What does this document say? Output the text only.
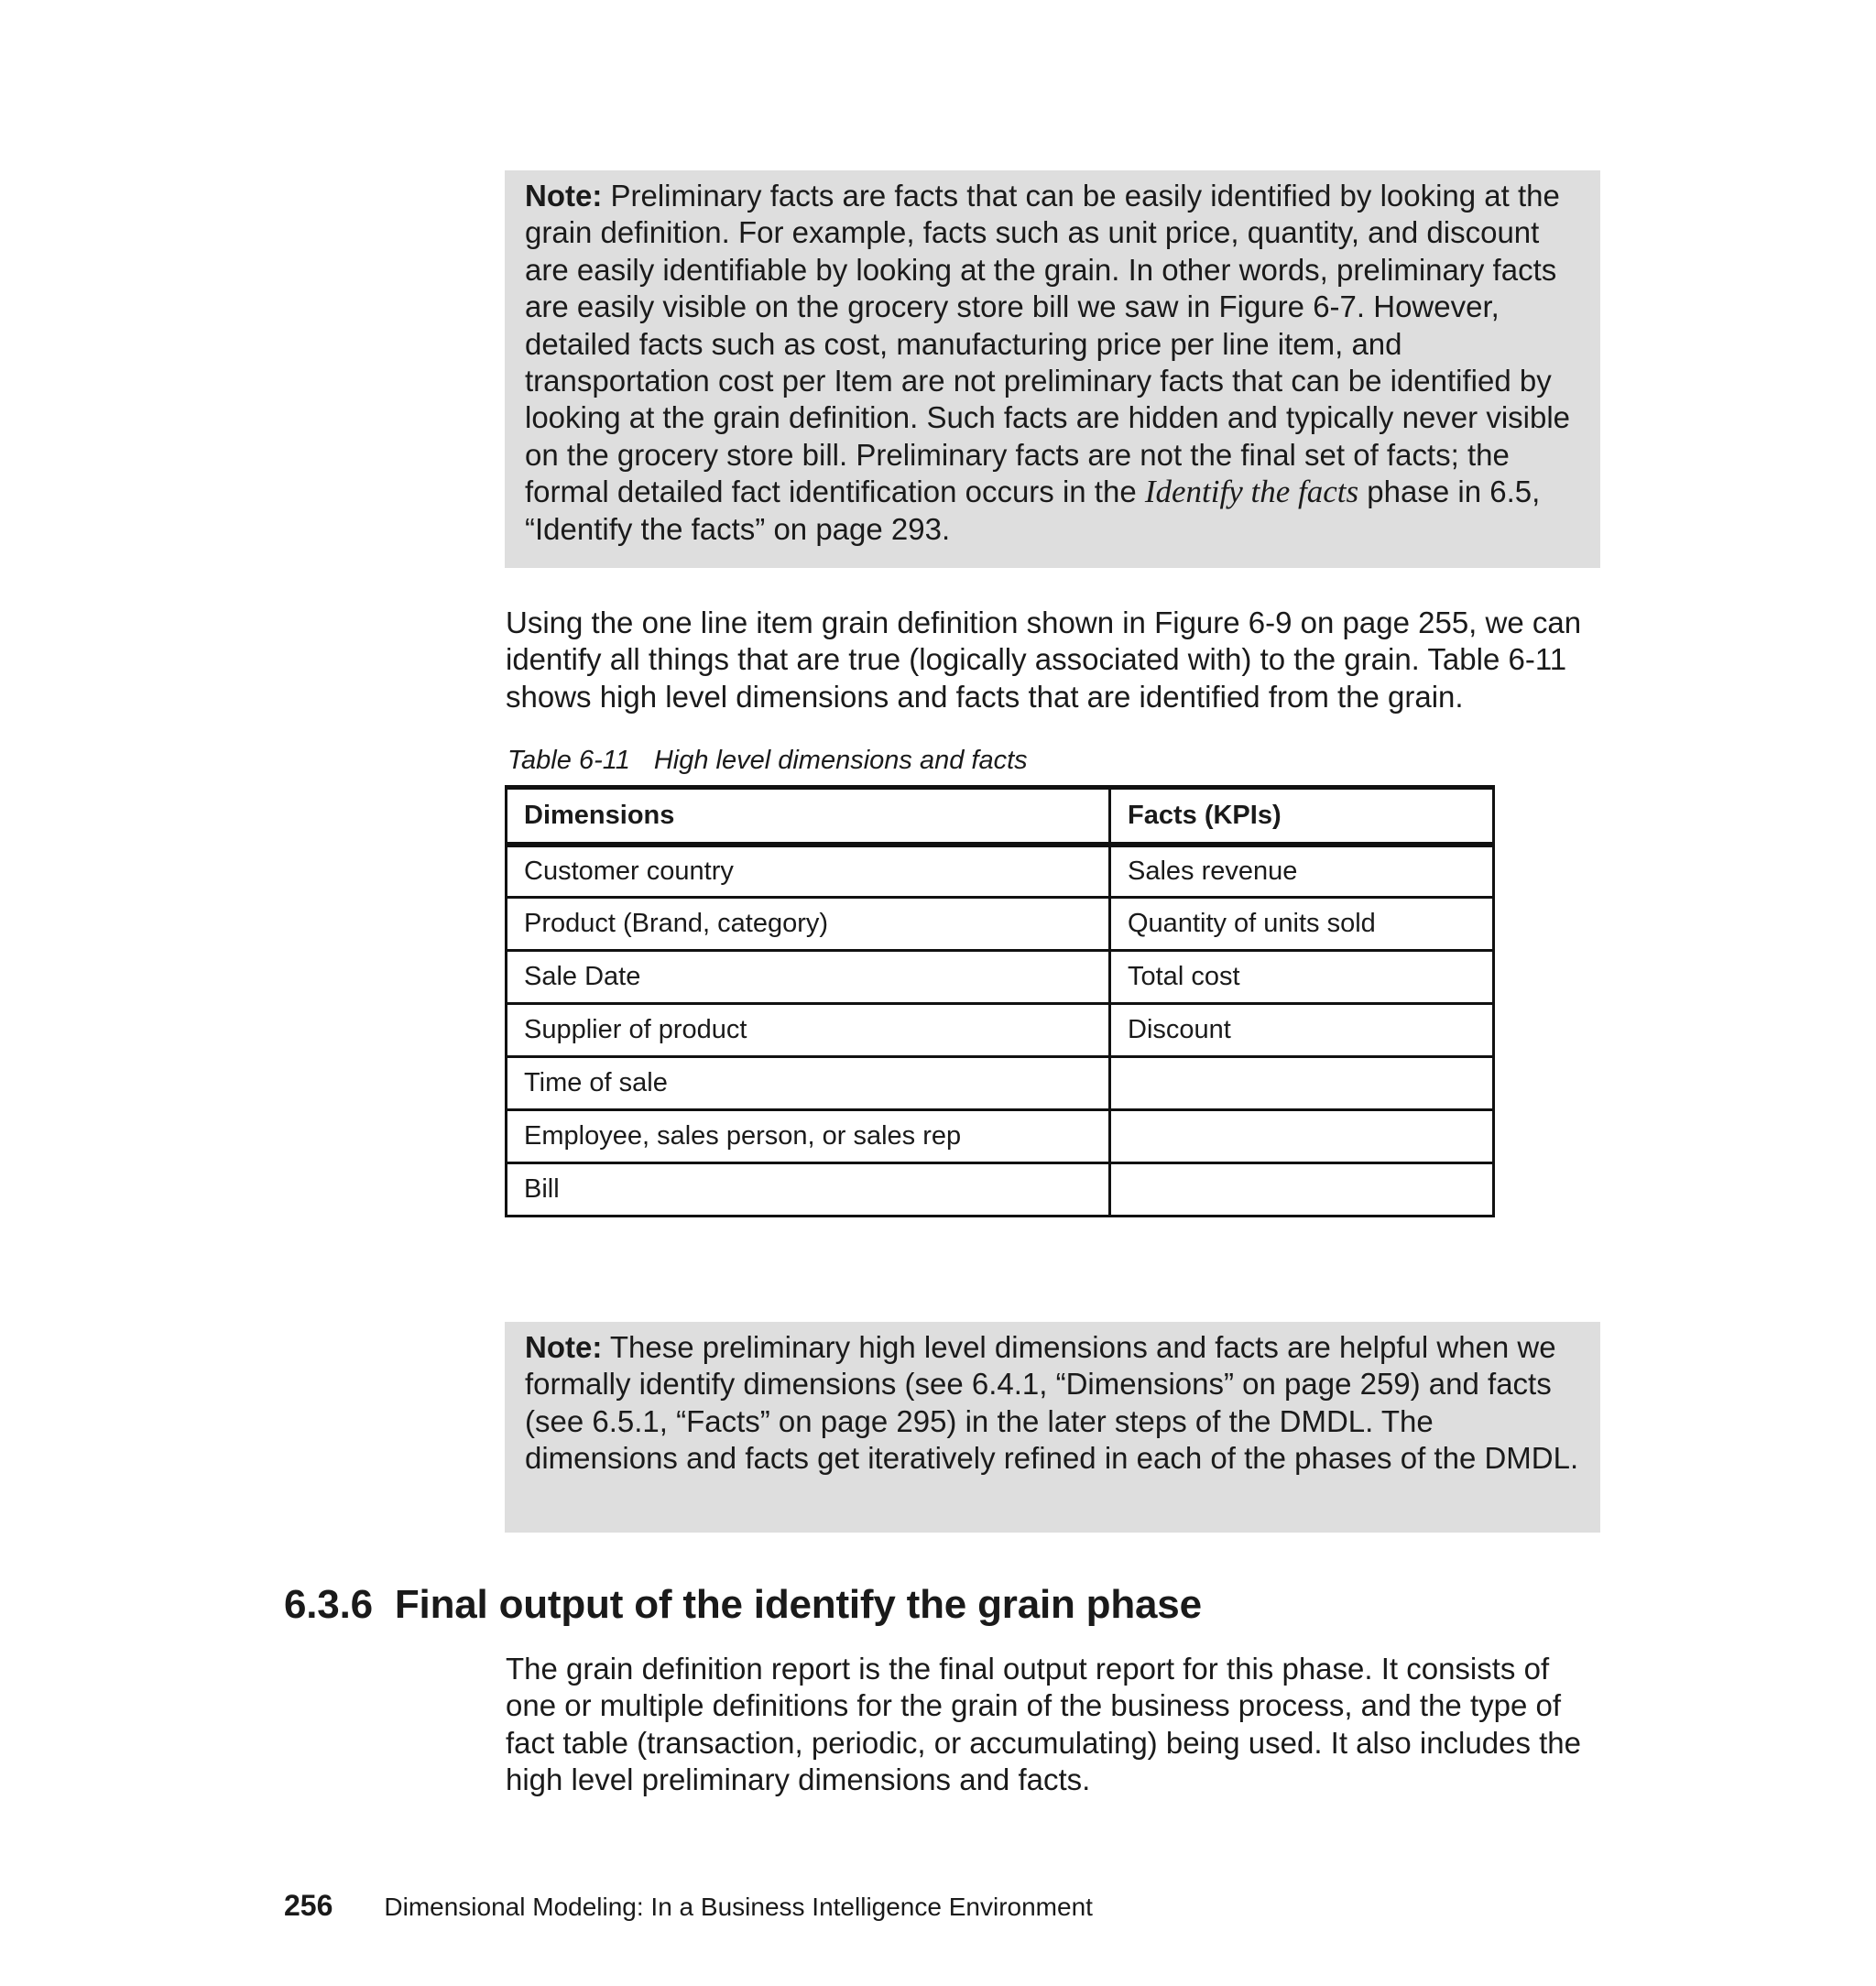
Note: Preliminary facts are facts that can be easily identified by looking at the grain definition. For example, facts such as unit price, quantity, and discount are easily identifiable by looking at the grain. In other words, preliminary facts are easily visible on the grocery store bill we saw in Figure 6-7. However, detailed facts such as cost, manufacturing price per line item, and transportation cost per Item are not preliminary facts that can be identified by looking at the grain definition. Such facts are hidden and typically never visible on the grocery store bill. Preliminary facts are not the final set of facts; the formal detailed fact identification occurs in the Identify the facts phase in 6.5, “Identify the facts” on page 293.

Using the one line item grain definition shown in Figure 6-9 on page 255, we can identify all things that are true (logically associated with) to the grain. Table 6-11 shows high level dimensions and facts that are identified from the grain.

Table 6-11 High level dimensions and facts

Dimensions	Facts (KPIs)
Customer country	Sales revenue
Product (Brand, category)	Quantity of units sold
Sale Date	Total cost
Supplier of product	Discount
Time of sale	
Employee, sales person, or sales rep	
Bill	
Note: These preliminary high level dimensions and facts are helpful when we formally identify dimensions (see 6.4.1, “Dimensions” on page 259) and facts (see 6.5.1, “Facts” on page 295) in the later steps of the DMDL. The dimensions and facts get iteratively refined in each of the phases of the DMDL.
6.3.6 Final output of the identify the grain phase

The grain definition report is the final output report for this phase. It consists of one or multiple definitions for the grain of the business process, and the type of fact table (transaction, periodic, or accumulating) being used. It also includes the high level preliminary dimensions and facts.

256 Dimensional Modeling: In a Business Intelligence Environment
